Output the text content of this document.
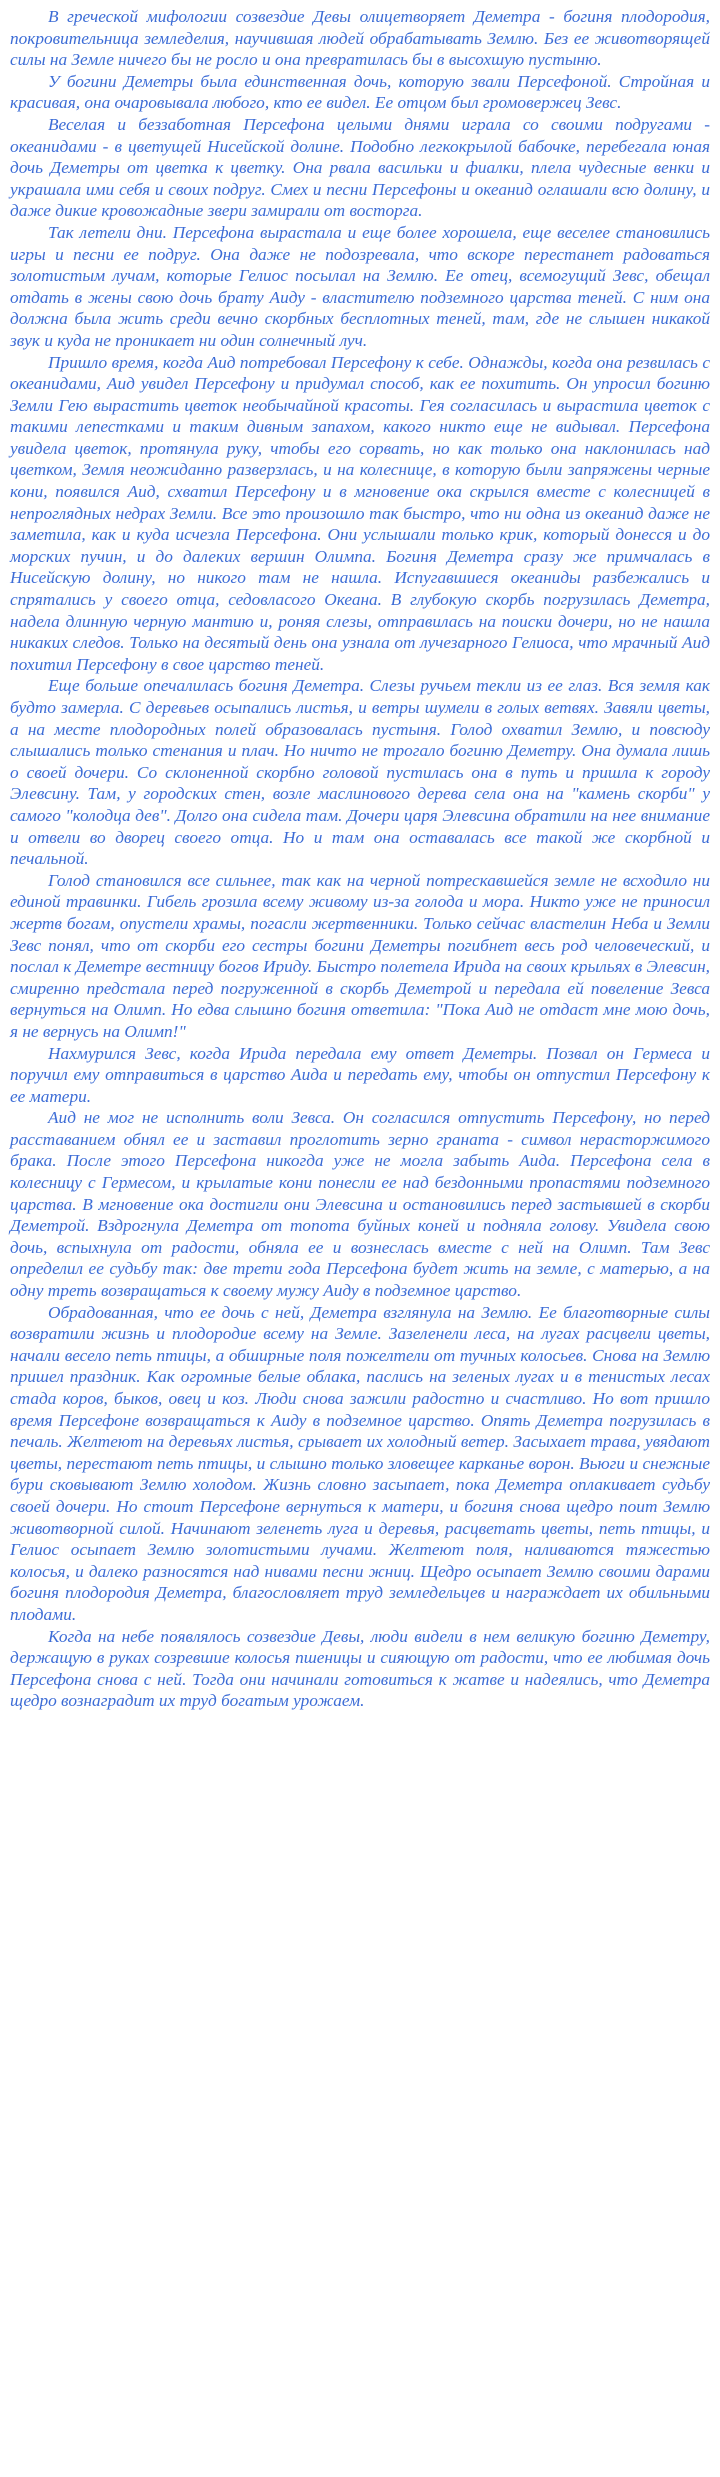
В греческой мифологии созвездие Девы олицетворяет Деметра - богиня плодородия, покровительница земледелия, научившая людей обрабатывать Землю. Без ее животворящей силы на Земле ничего бы не росло и она превратилась бы в высохшую пустыню.

У богини Деметры была единственная дочь, которую звали Персефоной. Стройная и красивая, она очаровывала любого, кто ее видел. Ее отцом был громовержец Зевс.

Веселая и беззаботная Персефона целыми днями играла со своими подругами - океанидами - в цветущей Нисейской долине. Подобно легкокрылой бабочке, перебегала юная дочь Деметры от цветка к цветку. Она рвала васильки и фиалки, плела чудесные венки и украшала ими себя и своих подруг. Смех и песни Персефоны и океанид оглашали всю долину, и даже дикие кровожадные звери замирали от восторга.

Так летели дни. Персефона вырастала и еще более хорошела, еще веселее становились игры и песни ее подруг. Она даже не подозревала, что вскоре перестанет радоваться золотистым лучам, которые Гелиос посылал на Землю. Ее отец, всемогущий Зевс, обещал отдать в жены свою дочь брату Аиду - властителю подземного царства теней. С ним она должна была жить среди вечно скорбных бесплотных теней, там, где не слышен никакой звук и куда не проникает ни один солнечный луч.

Пришло время, когда Аид потребовал Персефону к себе. Однажды, когда она резвилась с океанидами, Аид увидел Персефону и придумал способ, как ее похитить. Он упросил богиню Земли Гею вырастить цветок необычайной красоты. Гея согласилась и вырастила цветок с такими лепестками и таким дивным запахом, какого никто еще не видывал. Персефона увидела цветок, протянула руку, чтобы его сорвать, но как только она наклонилась над цветком, Земля неожиданно разверзлась, и на колеснице, в которую были запряжены черные кони, появился Аид, схватил Персефону и в мгновение ока скрылся вместе с колесницей в непроглядных недрах Земли. Все это произошло так быстро, что ни одна из океанид даже не заметила, как и куда исчезла Персефона. Они услышали только крик, который донесся и до морских пучин, и до далеких вершин Олимпа. Богиня Деметра сразу же примчалась в Нисейскую долину, но никого там не нашла. Испугавшиеся океаниды разбежались и спрятались у своего отца, седовласого Океана. В глубокую скорбь погрузилась Деметра, надела длинную черную мантию и, роняя слезы, отправилась на поиски дочери, но не нашла никаких следов. Только на десятый день она узнала от лучезарного Гелиоса, что мрачный Аид похитил Персефону в свое царство теней.

Еще больше опечалилась богиня Деметра. Слезы ручьем текли из ее глаз. Вся земля как будто замерла. С деревьев осыпались листья, и ветры шумели в голых ветвях. Завяли цветы, а на месте плодородных полей образовалась пустыня. Голод охватил Землю, и повсюду слышались только стенания и плач. Но ничто не трогало богиню Деметру. Она думала лишь о своей дочери. Со склоненной скорбно головой пустилась она в путь и пришла к городу Элевсину. Там, у городских стен, возле маслинового дерева села она на "камень скорби" у самого "колодца дев". Долго она сидела там. Дочери царя Элевсина обратили на нее внимание и отвели во дворец своего отца. Но и там она оставалась все такой же скорбной и печальной.

Голод становился все сильнее, так как на черной потрескавшейся земле не всходило ни единой травинки. Гибель грозила всему живому из-за голода и мора. Никто уже не приносил жертв богам, опустели храмы, погасли жертвенники. Только сейчас властелин Неба и Земли Зевс понял, что от скорби его сестры богини Деметры погибнет весь род человеческий, и послал к Деметре вестницу богов Ириду. Быстро полетела Ирида на своих крыльях в Элевсин, смиренно предстала перед погруженной в скорбь Деметрой и передала ей повеление Зевса вернуться на Олимп. Но едва слышно богиня ответила: "Пока Аид не отдаст мне мою дочь, я не вернусь на Олимп!"

Нахмурился Зевс, когда Ирида передала ему ответ Деметры. Позвал он Гермеса и поручил ему отправиться в царство Аида и передать ему, чтобы он отпустил Персефону к ее матери.

Аид не мог не исполнить воли Зевса. Он согласился отпустить Персефону, но перед расставанием обнял ее и заставил проглотить зерно граната - символ нерасторжимого брака. После этого Персефона никогда уже не могла забыть Аида. Персефона села в колесницу с Гермесом, и крылатые кони понесли ее над бездонными пропастями подземного царства. В мгновение ока достигли они Элевсина и остановились перед застывшей в скорби Деметрой. Вздрогнула Деметра от топота буйных коней и подняла голову. Увидела свою дочь, вспыхнула от радости, обняла ее и вознеслась вместе с ней на Олимп. Там Зевс определил ее судьбу так: две трети года Персефона будет жить на земле, с матерью, а на одну треть возвращаться к своему мужу Аиду в подземное царство.

Обрадованная, что ее дочь с ней, Деметра взглянула на Землю. Ее благотворные силы возвратили жизнь и плодородие всему на Земле. Зазеленели леса, на лугах расцвели цветы, начали весело петь птицы, а обширные поля пожелтели от тучных колосьев. Снова на Землю пришел праздник. Как огромные белые облака, паслись на зеленых лугах и в тенистых лесах стада коров, быков, овец и коз. Люди снова зажили радостно и счастливо. Но вот пришло время Персефоне возвращаться к Аиду в подземное царство. Опять Деметра погрузилась в печаль. Желтеют на деревьях листья, срывает их холодный ветер. Засыхает трава, увядают цветы, перестают петь птицы, и слышно только зловещее карканье ворон. Вьюги и снежные бури сковывают Землю холодом. Жизнь словно засыпает, пока Деметра оплакивает судьбу своей дочери. Но стоит Персефоне вернуться к матери, и богиня снова щедро поит Землю животворной силой. Начинают зеленеть луга и деревья, расцветать цветы, петь птицы, и Гелиос осыпает Землю золотистыми лучами. Желтеют поля, наливаются тяжестью колосья, и далеко разносятся над нивами песни жниц. Щедро осыпает Землю своими дарами богиня плодородия Деметра, благословляет труд земледельцев и награждает их обильными плодами.

Когда на небе появлялось созвездие Девы, люди видели в нем великую богиню Деметру, держащую в руках созревшие колосья пшеницы и сияющую от радости, что ее любимая дочь Персефона снова с ней. Тогда они начинали готовиться к жатве и надеялись, что Деметра щедро вознаградит их труд богатым урожаем.
